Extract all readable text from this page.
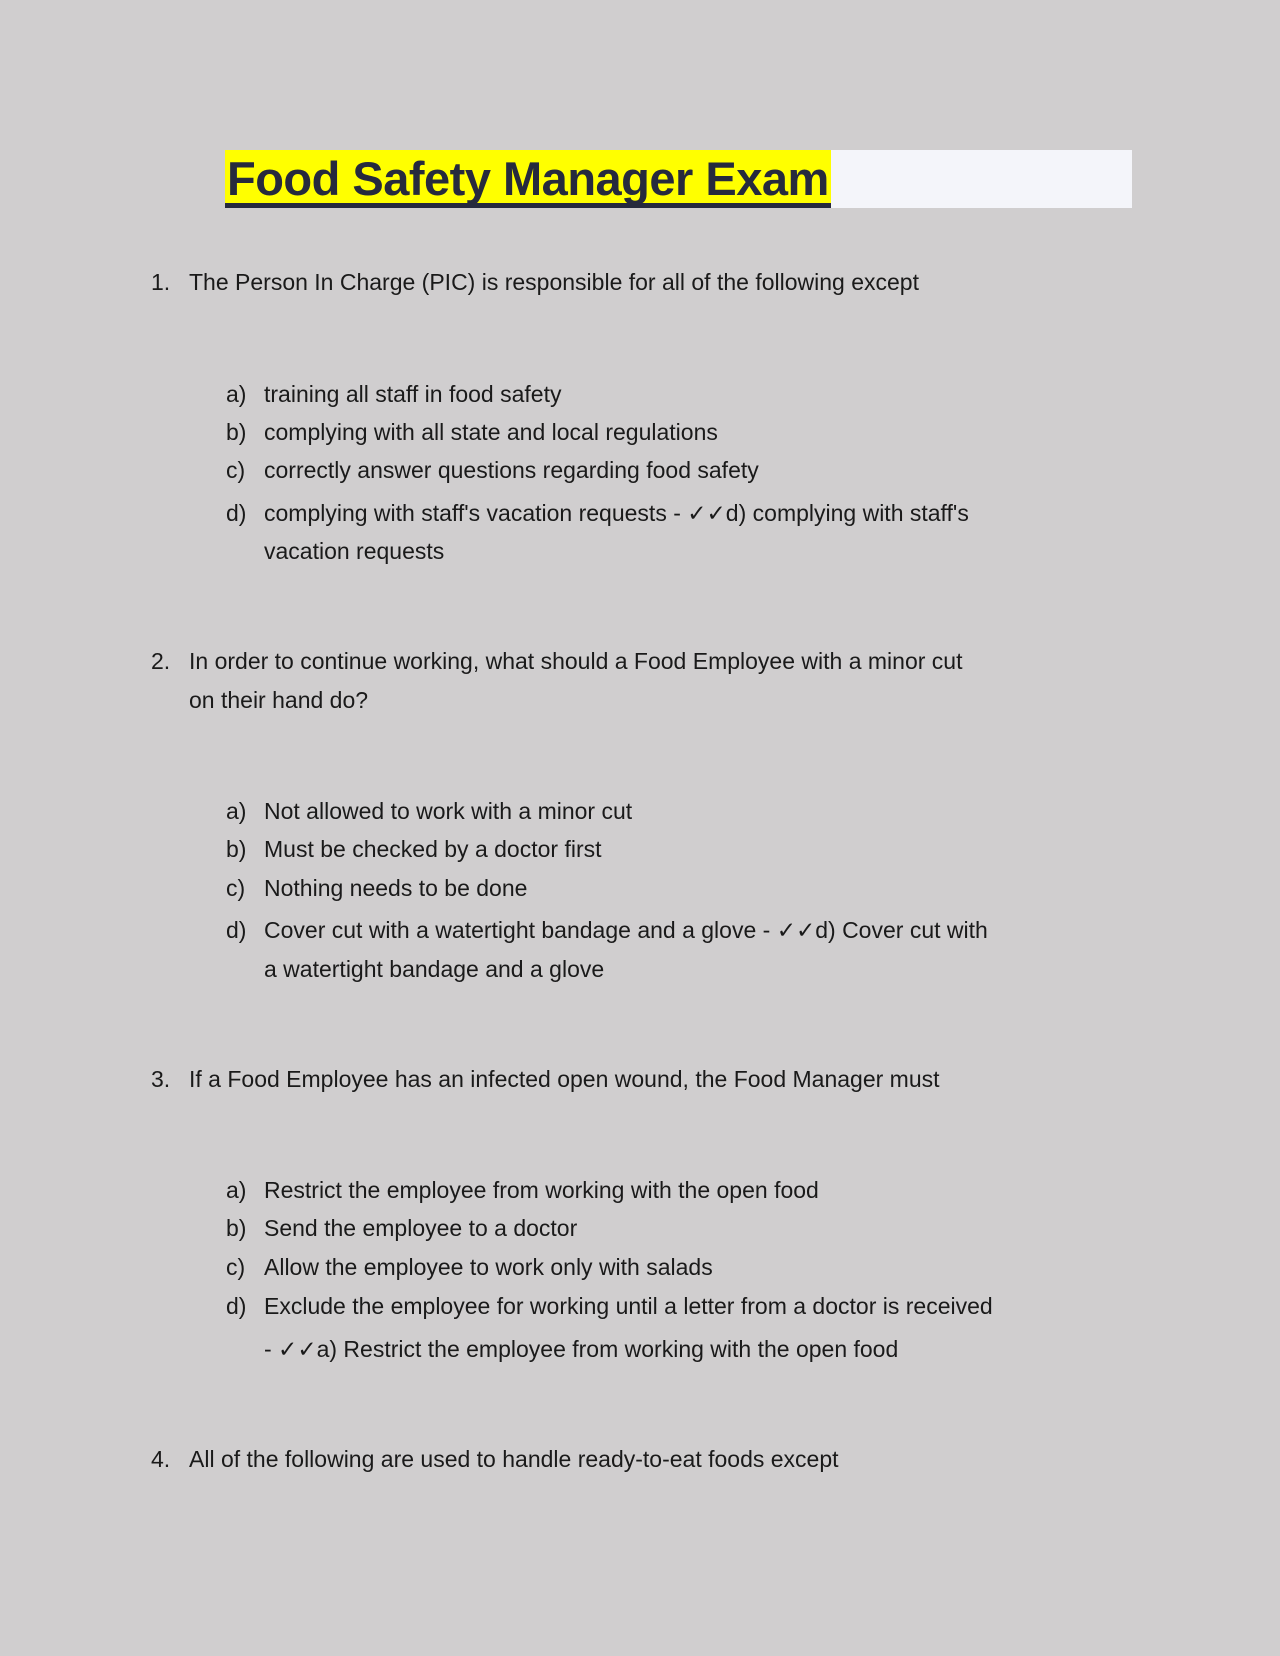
Food Safety Manager Exam
1. The Person In Charge (PIC) is responsible for all of the following except
a) training all staff in food safety
b) complying with all state and local regulations
c) correctly answer questions regarding food safety
d) complying with staff's vacation requests - ✓✓d) complying with staff's
vacation requests
2. In order to continue working, what should a Food Employee with a minor cut
on their hand do?
a) Not allowed to work with a minor cut
b) Must be checked by a doctor first
c) Nothing needs to be done
d) Cover cut with a watertight bandage and a glove - ✓✓d) Cover cut with
a watertight bandage and a glove
3. If a Food Employee has an infected open wound, the Food Manager must
a) Restrict the employee from working with the open food
b) Send the employee to a doctor
c) Allow the employee to work only with salads
d) Exclude the employee for working until a letter from a doctor is received
- ✓✓a) Restrict the employee from working with the open food
4. All of the following are used to handle ready-to-eat foods except
